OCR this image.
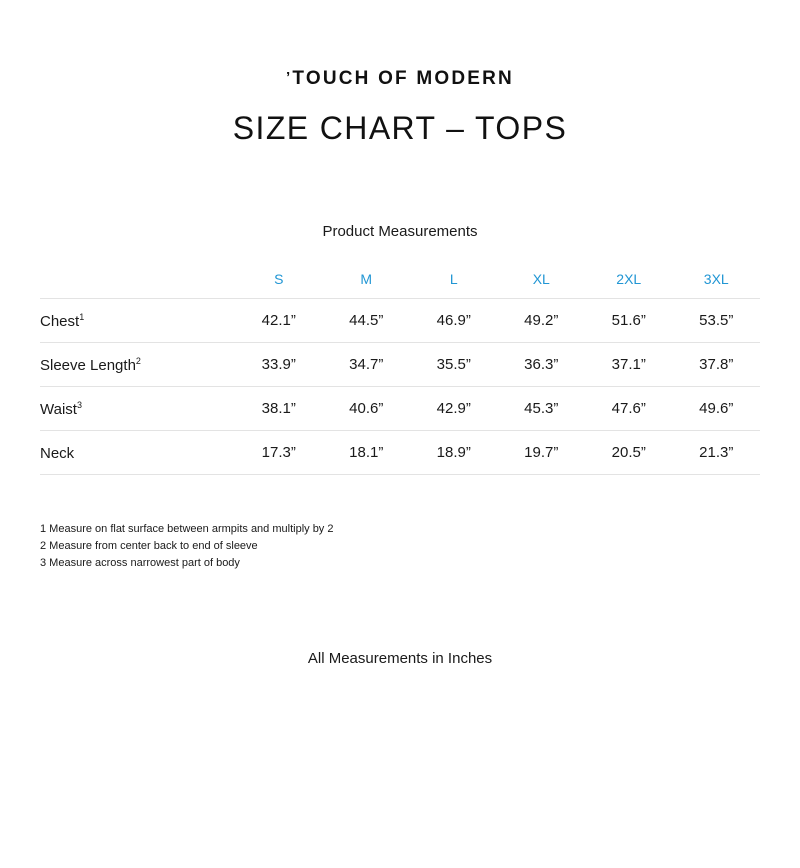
’TOUCH OF MODERN
SIZE CHART – TOPS
Product Measurements
	S	M	L	XL	2XL	3XL
Chest$^1$	42.1”	44.5”	46.9”	49.2”	51.6”	53.5”
Sleeve Length$^2$	33.9”	34.7”	35.5”	36.3”	37.1”	37.8”
Waist$^3$	38.1”	40.6”	42.9”	45.3”	47.6”	49.6”
Neck	17.3”	18.1”	18.9”	19.7”	20.5”	21.3”
1 Measure on flat surface between armpits and multiply by 2
2 Measure from center back to end of sleeve
3 Measure across narrowest part of body
All Measurements in Inches
